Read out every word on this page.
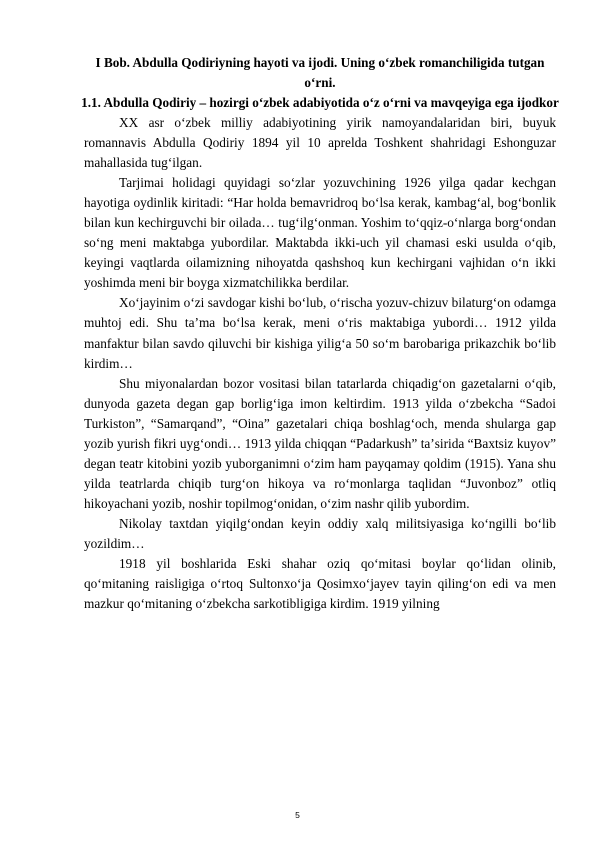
I Bob. Abdulla Qodiriyning hayoti va ijodi. Uning oʻzbek romanchiligida tutgan oʻrni.

1.1. Abdulla Qodiriy – hozirgi oʻzbek adabiyotida oʻz oʻrni va mavqeyiga ega ijodkor

XX asr oʻzbek milliy adabiyotining yirik namoyandalaridan biri, buyuk romannavis Abdulla Qodiriy 1894 yil 10 aprelda Toshkent shahridagi Eshonguzar mahallasida tugʻilgan.

Tarjimai holidagi quyidagi soʻzlar yozuvchining 1926 yilga qadar kechgan hayotiga oydinlik kiritadi: “Har holda bemavridroq boʻlsa kerak, kambagʻal, bogʻbonlik bilan kun kechirguvchi bir oilada… tugʻilgʻonman. Yoshim toʻqqiz-oʻnlarga borgʻondan soʻng meni maktabga yubordilar. Maktabda ikki-uch yil chamasi eski usulda oʻqib, keyingi vaqtlarda oilamizning nihoyatda qashshoq kun kechirgani vajhidan oʻn ikki yoshimda meni bir boyga xizmatchilikka berdilar.

Xoʻjayinim oʻzi savdogar kishi boʻlub, oʻrischa yozuv-chizuv bilaturgʻon odamga muhtoj edi. Shu taʼma boʻlsa kerak, meni oʻris maktabiga yubordi… 1912 yilda manfaktur bilan savdo qiluvchi bir kishiga yiligʻa 50 soʻm barobariga prikazchik boʻlib kirdim…

Shu miyonalardan bozor vositasi bilan tatarlarda chiqadigʻon gazetalarni oʻqib, dunyoda gazeta degan gap borligʻiga imon keltirdim. 1913 yilda oʻzbekcha “Sadoi Turkiston”, “Samarqand”, “Oina” gazetalari chiqa boshlagʻoch, menda shularga gap yozib yurish fikri uygʻondi… 1913 yilda chiqqan “Padarkush” taʼsirida “Baxtsiz kuyov” degan teatr kitobini yozib yuborganimni oʻzim ham payqamay qoldim (1915). Yana shu yilda teatrlarda chiqib turgʻon hikoya va roʻmonlarga taqlidan “Juvonboz” otliq hikoyachani yozib, noshir topilmogʻonidan, oʻzim nashr qilib yubordim.

Nikolay taxtdan yiqilgʻondan keyin oddiy xalq militsiyasiga koʻngilli boʻlib yozildim…

1918 yil boshlarida Eski shahar oziq qoʻmitasi boylar qoʻlidan olinib, qoʻmitaning raisligiga oʻrtoq Sultonxoʻja Qosimxoʻjayev tayin qilingʻon edi va men mazkur qoʻmitaning oʻzbekcha sarkotibligiga kirdim. 1919 yilning

5
